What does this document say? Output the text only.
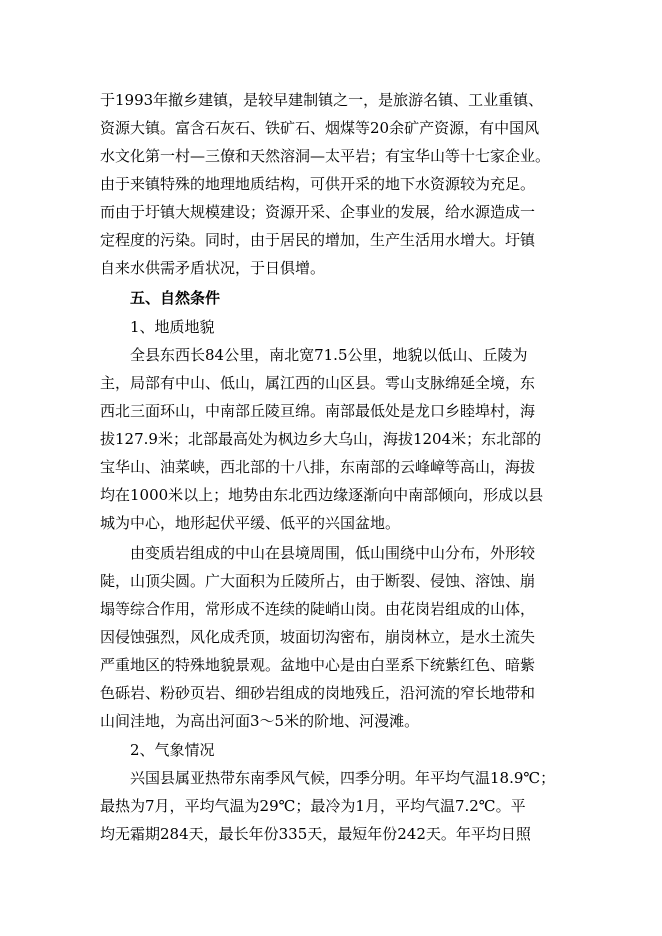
于1993年撤乡建镇，是较早建制镇之一，是旅游名镇、工业重镇、
资源大镇。富含石灰石、铁矿石、烟煤等20余矿产资源，有中国风
水文化第一村—三僚和天然溶洞—太平岩；有宝华山等十七家企业。
由于来镇特殊的地理地质结构，可供开采的地下水资源较为充足。
而由于圩镇大规模建设；资源开采、企事业的发展，给水源造成一
定程度的污染。同时，由于居民的增加，生产生活用水增大。圩镇
自来水供需矛盾状况，于日俱增。
五、自然条件
1、地质地貌
全县东西长84公里，南北宽71.5公里，地貌以低山、丘陵为
主，局部有中山、低山，属江西的山区县。雩山支脉绵延全境，东
西北三面环山，中南部丘陵亘绵。南部最低处是龙口乡睦埠村，海
拔127.9米；北部最高处为枫边乡大乌山，海拔1204米；东北部的
宝华山、油菜峡，西北部的十八排，东南部的云峰嶂等高山，海拔
均在1000米以上；地势由东北西边缘逐渐向中南部倾向，形成以县
城为中心，地形起伏平缓、低平的兴国盆地。
由变质岩组成的中山在县境周围，低山围绕中山分布，外形较
陡，山顶尖圆。广大面积为丘陵所占，由于断裂、侵蚀、溶蚀、崩
塌等综合作用，常形成不连续的陡峭山岗。由花岗岩组成的山体，
因侵蚀强烈，风化成秃顶，坡面切沟密布，崩岗林立，是水土流失
严重地区的特殊地貌景观。盆地中心是由白垩系下统紫红色、暗紫
色砾岩、粉砂页岩、细砂岩组成的岗地残丘，沿河流的窄长地带和
山间洼地，为高出河面3～5米的阶地、河漫滩。
2、气象情况
兴国县属亚热带东南季风气候，四季分明。年平均气温18.9℃；
最热为7月，平均气温为29℃；最冷为1月，平均气温7.2℃。平
均无霜期284天，最长年份335天，最短年份242天。年平均日照
